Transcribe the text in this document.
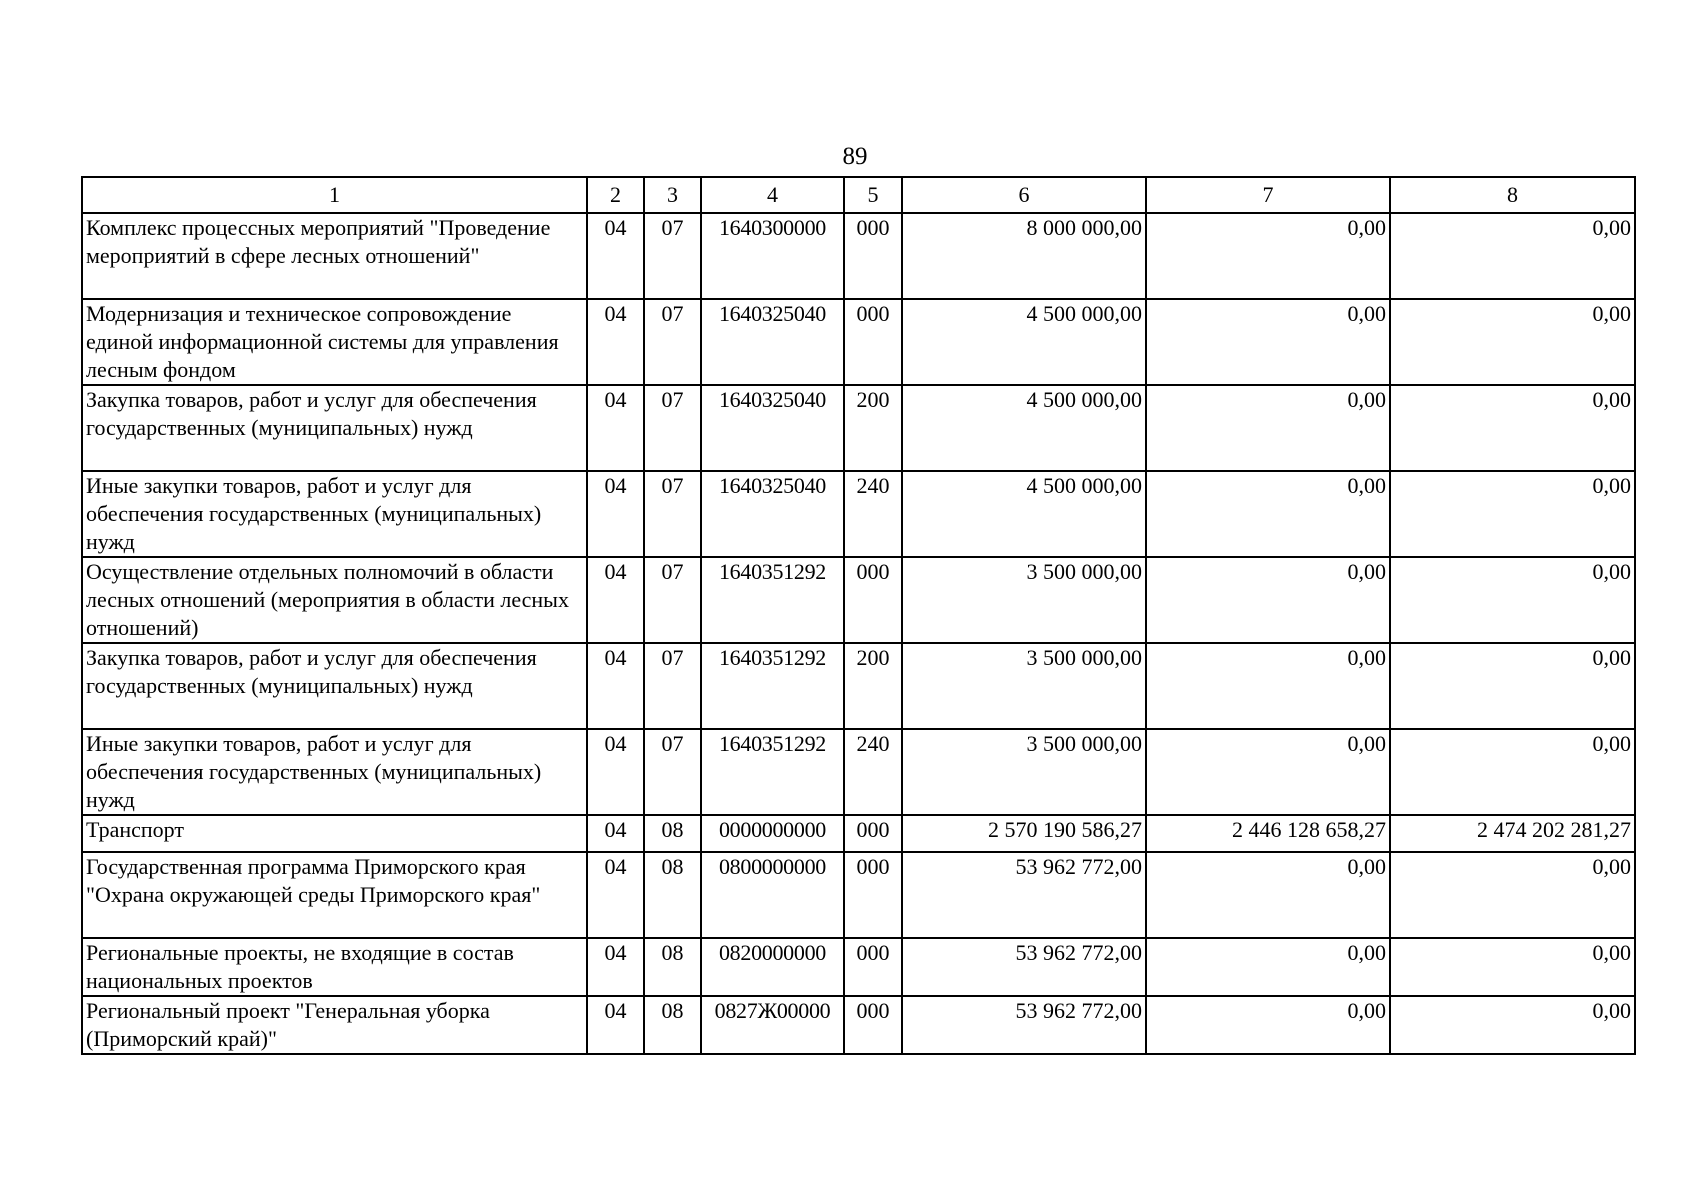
89
1	2	3	4	5	6	7	8
Комплекс процессных мероприятий "Проведение мероприятий в сфере лесных отношений"	04	07	1640300000	000	8 000 000,00	0,00	0,00
Модернизация и техническое сопровождение единой информационной системы для управления лесным фондом	04	07	1640325040	000	4 500 000,00	0,00	0,00
Закупка товаров, работ и услуг для обеспечения государственных (муниципальных) нужд	04	07	1640325040	200	4 500 000,00	0,00	0,00
Иные закупки товаров, работ и услуг для обеспечения государственных (муниципальных) нужд	04	07	1640325040	240	4 500 000,00	0,00	0,00
Осуществление отдельных полномочий в области лесных отношений (мероприятия в области лесных отношений)	04	07	1640351292	000	3 500 000,00	0,00	0,00
Закупка товаров, работ и услуг для обеспечения государственных (муниципальных) нужд	04	07	1640351292	200	3 500 000,00	0,00	0,00
Иные закупки товаров, работ и услуг для обеспечения государственных (муниципальных) нужд	04	07	1640351292	240	3 500 000,00	0,00	0,00
Транспорт	04	08	0000000000	000	2 570 190 586,27	2 446 128 658,27	2 474 202 281,27
Государственная программа Приморского края "Охрана окружающей среды Приморского края"	04	08	0800000000	000	53 962 772,00	0,00	0,00
Региональные проекты, не входящие в состав национальных проектов	04	08	0820000000	000	53 962 772,00	0,00	0,00
Региональный проект "Генеральная уборка (Приморский край)"	04	08	0827Ж00000	000	53 962 772,00	0,00	0,00
